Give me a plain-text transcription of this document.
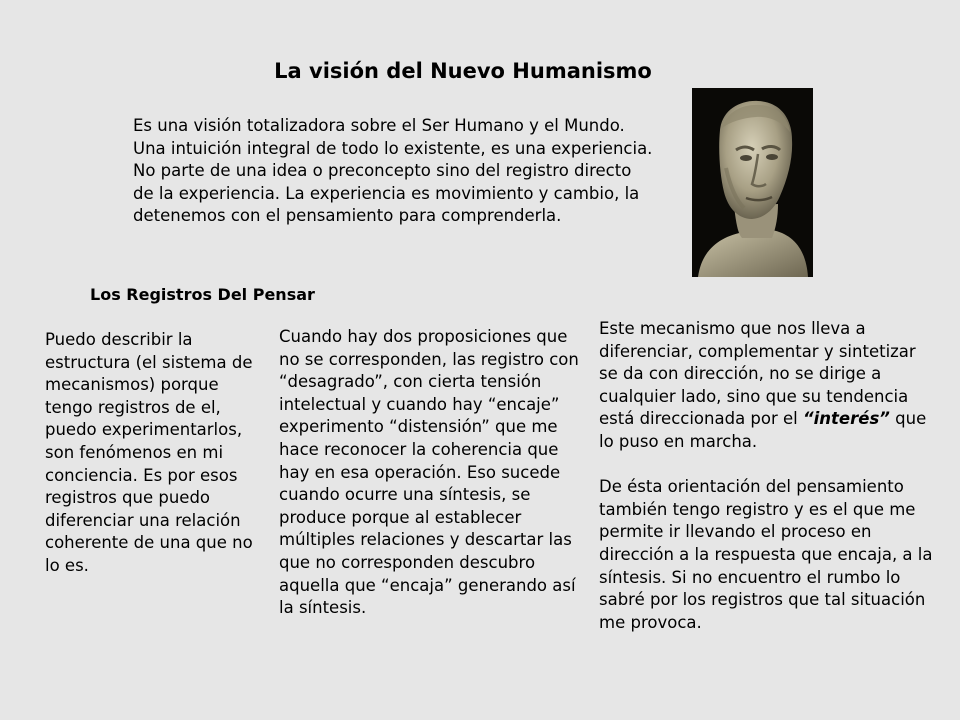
La visión del Nuevo Humanismo
Es una visión totalizadora sobre el Ser Humano y el Mundo. Una intuición integral de todo lo existente, es una experiencia. No parte de una idea o preconcepto sino del registro directo de la experiencia. La experiencia es movimiento y cambio, la detenemos con el pensamiento para comprenderla.
Los Registros Del Pensar
Puedo describir la estructura (el sistema de mecanismos) porque tengo registros de el, puedo experimentarlos, son fenómenos en mi conciencia. Es por esos registros que puedo diferenciar una relación coherente de una que no lo es.
Cuando hay dos proposiciones que no se corresponden, las registro con “desagrado”, con cierta tensión intelectual y cuando hay “encaje” experimento “distensión” que me hace reconocer la coherencia que hay en esa operación. Eso sucede cuando ocurre una síntesis, se produce porque al establecer múltiples relaciones y descartar las que no corresponden descubro aquella que “encaja” generando así la síntesis.

Este mecanismo que nos lleva a diferenciar, complementar y sintetizar se da con dirección, no se dirige a cualquier lado, sino que su tendencia está direccionada por el “interés” que lo puso en marcha.

De ésta orientación del pensamiento también tengo registro y es el que me permite ir llevando el proceso en dirección a la respuesta que encaja, a la síntesis. Si no encuentro el rumbo lo sabré por los registros que tal situación me provoca.
